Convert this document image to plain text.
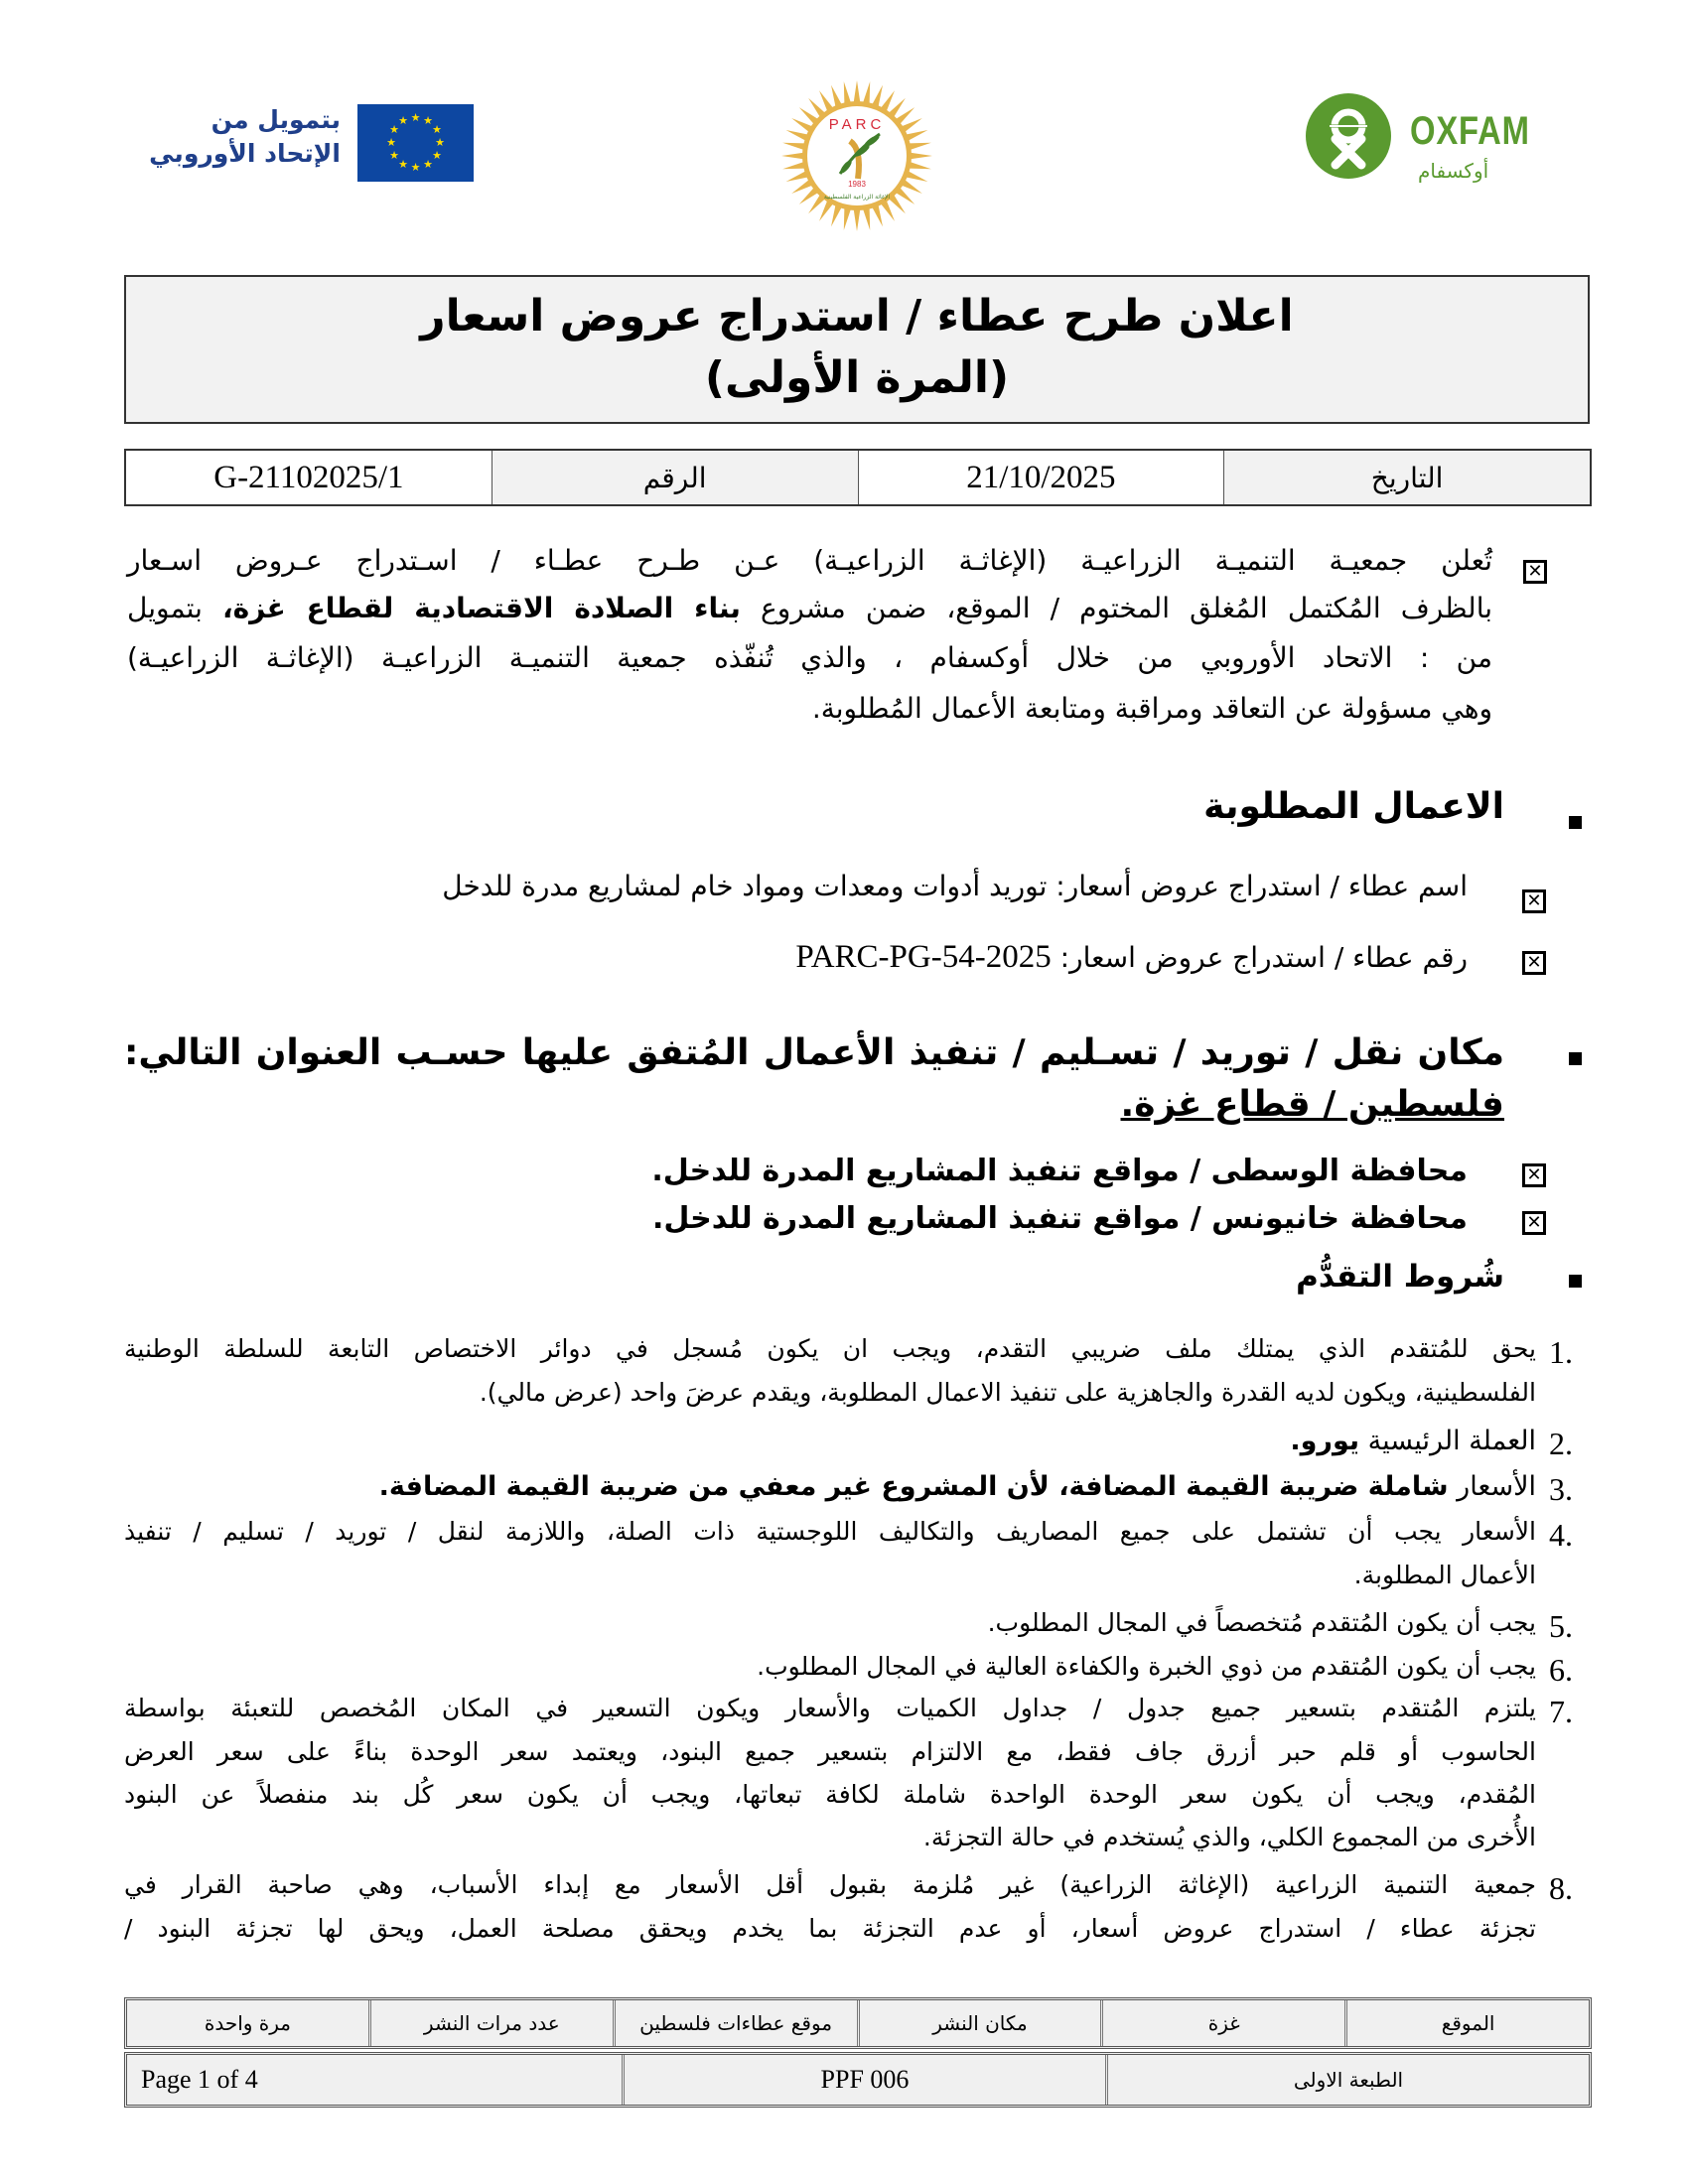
بتمويل من
الإتحاد الأوروبي
★ ★
★
★
★
★
★
★
★
★
★
★	PARC
1983
الإغاثة الزراعية الفلسطينية
OXFAM
أوكسفام
اعلان طرح عطاء / استدراج عروض اسعار
(المرة الأولى)
التاريخ
21/10/2025
الرقم
G-21102025/1
✕
تُعلن جمعيـة التنميـة الزراعيـة (الإغاثـة الزراعيـة) عـن طـرح عطـاء / اسـتدراج عـروض اسـعار
بالظرف المُكتمل المُغلق المختوم / الموقع، ضمن مشروع بناء الصلادة الاقتصادية لقطاع غزة، بتمويل
من : الاتحاد الأوروبي من خلال أوكسفام ، والذي تُنفّذه جمعية التنميـة الزراعيـة (الإغاثـة الزراعيـة)
وهي مسؤولة عن التعاقد ومراقبة ومتابعة الأعمال المُطلوبة.
الاعمال المطلوبة
✕
اسم عطاء / استدراج عروض أسعار: توريد أدوات ومعدات ومواد خام لمشاريع مدرة للدخل
✕
رقم عطاء / استدراج عروض اسعار: PARC-PG-54-2025
مكان نقل / توريد / تسـليم / تنفيذ الأعمال المُتفق عليها حسـب العنوان التالي:
فلسطين / قطاع غزة.
✕
محافظة الوسطى / مواقع تنفيذ المشاريع المدرة للدخل.
✕
محافظة خانيونس / مواقع تنفيذ المشاريع المدرة للدخل.
شُروط التقدُّم
1.
يحق للمُتقدم الذي يمتلك ملف ضريبي التقدم، ويجب ان يكون مُسجل في دوائر الاختصاص التابعة للسلطة الوطنية
الفلسطينية، ويكون لديه القدرة والجاهزية على تنفيذ الاعمال المطلوبة، ويقدم عرضَ واحد (عرض مالي).
2.
العملة الرئيسية يورو.
3.
الأسعار شاملة ضريبة القيمة المضافة، لأن المشروع غير معفي من ضريبة القيمة المضافة.
4.
الأسعار يجب أن تشتمل على جميع المصاريف والتكاليف اللوجستية ذات الصلة، واللازمة لنقل / توريد / تسليم / تنفيذ
الأعمال المطلوبة.
5.
يجب أن يكون المُتقدم مُتخصصاً في المجال المطلوب.
6.
يجب أن يكون المُتقدم من ذوي الخبرة والكفاءة العالية في المجال المطلوب.
7.
يلتزم المُتقدم بتسعير جميع جدول / جداول الكميات والأسعار ويكون التسعير في المكان المُخصص للتعبئة بواسطة
الحاسوب أو قلم حبر أزرق جاف فقط، مع الالتزام بتسعير جميع البنود، ويعتمد سعر الوحدة بناءً على سعر العرض
المُقدم، ويجب أن يكون سعر الوحدة الواحدة شاملة لكافة تبعاتها، ويجب أن يكون سعر كُل بند منفصلاً عن البنود
الأُخرى من المجموع الكلي، والذي يُستخدم في حالة التجزئة.
8.
جمعية التنمية الزراعية (الإغاثة الزراعية) غير مُلزمة بقبول أقل الأسعار مع إبداء الأسباب، وهي صاحبة القرار في
تجزئة عطاء / استدراج عروض أسعار، أو عدم التجزئة بما يخدم ويحقق مصلحة العمل، ويحق لها تجزئة البنود /
الموقع
غزة
مكان النشر
موقع عطاءات فلسطين
عدد مرات النشر
مرة واحدة
الطبعة الاولى
PPF 006
Page 1 of 4
